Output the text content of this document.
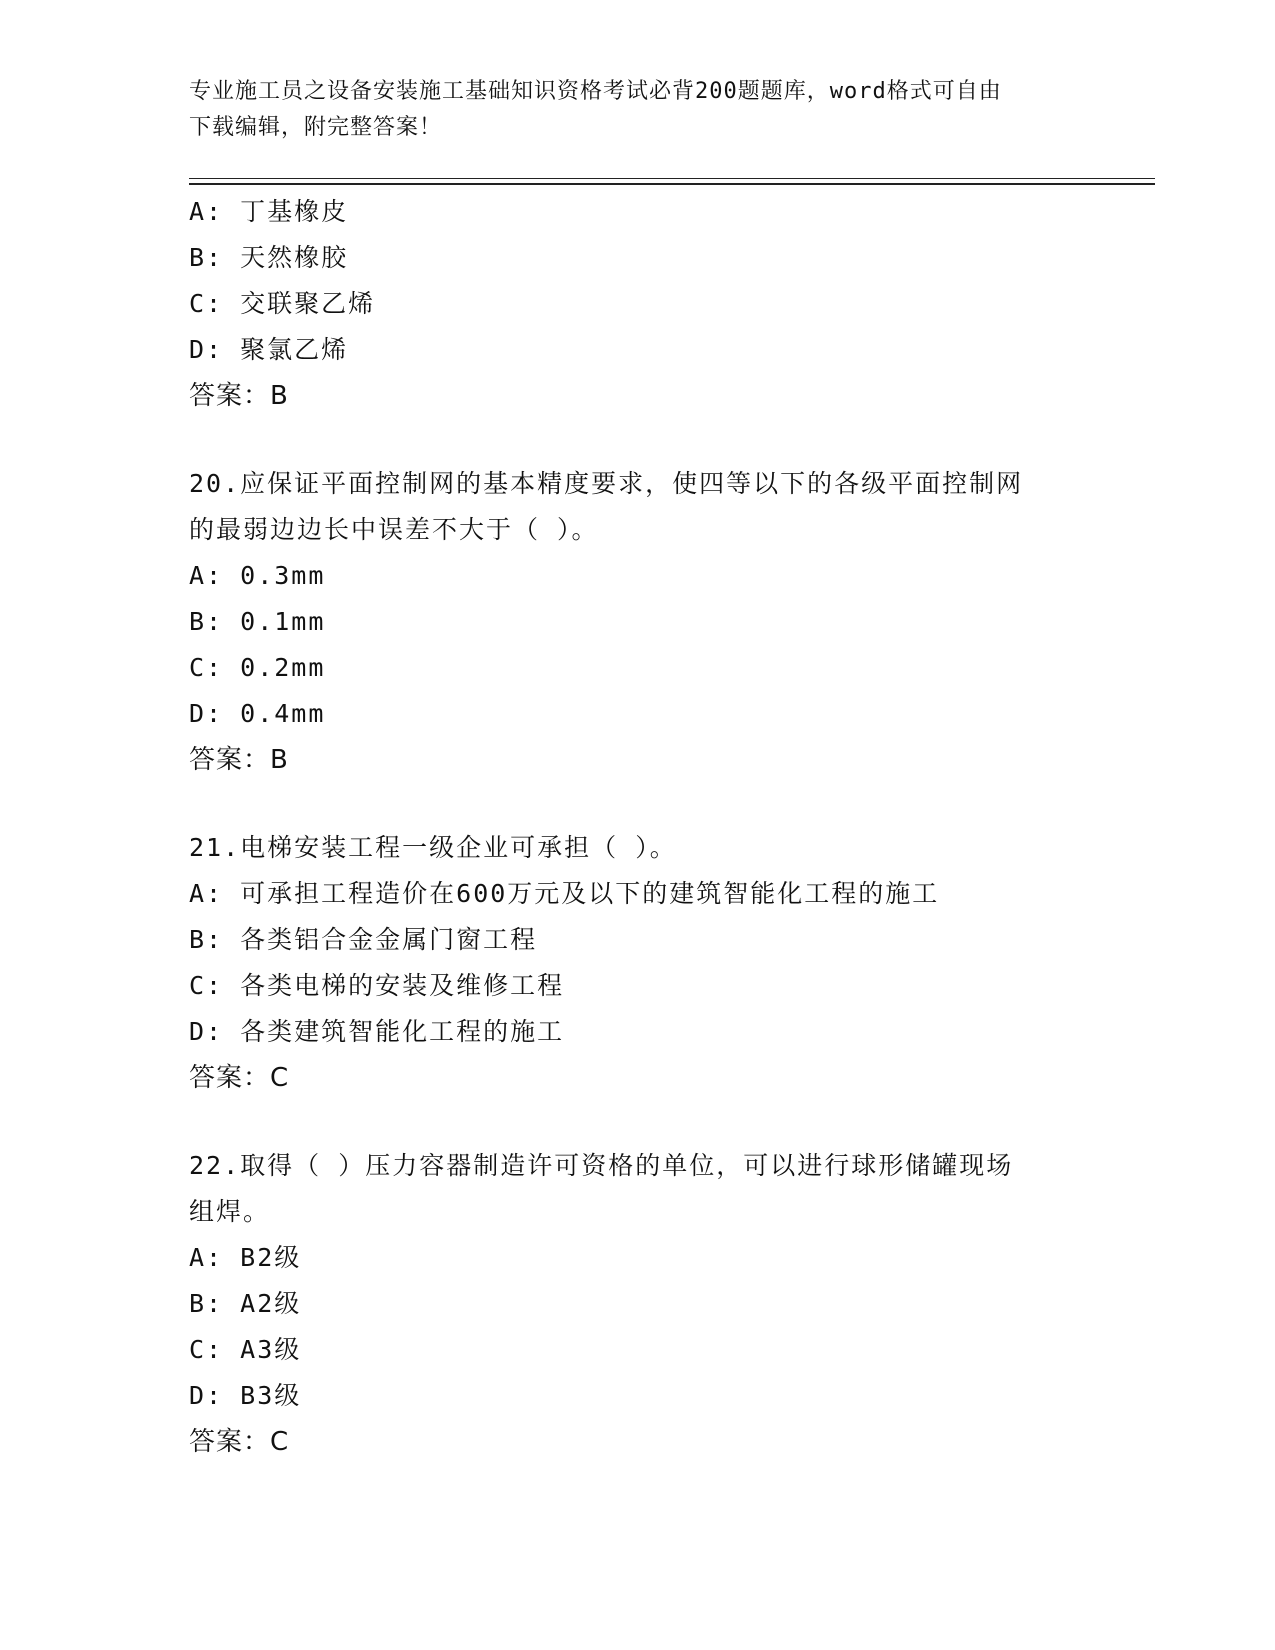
专业施工员之设备安装施工基础知识资格考试必背200题题库，word格式可自由
下载编辑，附完整答案！
A: 丁基橡皮
B: 天然橡胶
C: 交联聚乙烯
D: 聚氯乙烯
答案：B
20.应保证平面控制网的基本精度要求，使四等以下的各级平面控制网
的最弱边边长中误差不大于（ ）。
A: 0.3mm
B: 0.1mm
C: 0.2mm
D: 0.4mm
答案：B
21.电梯安装工程一级企业可承担（ ）。
A: 可承担工程造价在600万元及以下的建筑智能化工程的施工
B: 各类铝合金金属门窗工程
C: 各类电梯的安装及维修工程
D: 各类建筑智能化工程的施工
答案：C
22.取得（ ）压力容器制造许可资格的单位，可以进行球形储罐现场
组焊。
A: B2级
B: A2级
C: A3级
D: B3级
答案：C
